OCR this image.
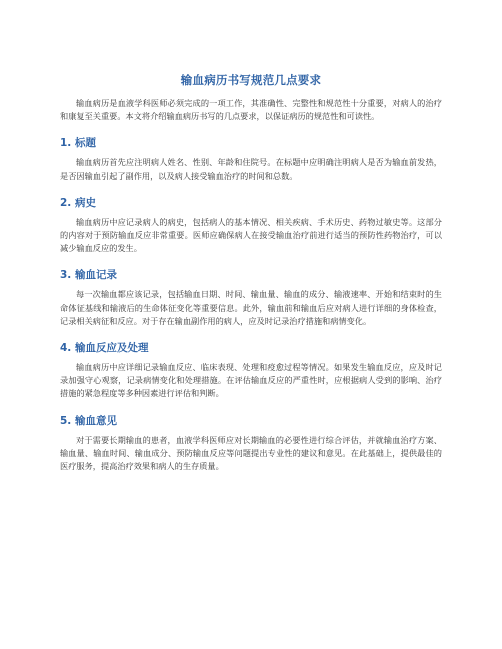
输血病历书写规范几点要求

输血病历是血液学科医师必须完成的一项工作，其准确性、完整性和规范性十分重要，对病人的治疗和康复至关重要。本文将介绍输血病历书写的几点要求，以保证病历的规范性和可读性。

1. 标题

输血病历首先应注明病人姓名、性别、年龄和住院号。在标题中应明确注明病人是否为输血前发热，是否因输血引起了副作用，以及病人接受输血治疗的时间和总数。

2. 病史

输血病历中应记录病人的病史，包括病人的基本情况、相关疾病、手术历史、药物过敏史等。这部分的内容对于预防输血反应非常重要。医师应确保病人在接受输血治疗前进行适当的预防性药物治疗，可以减少输血反应的发生。

3. 输血记录

每一次输血都应该记录，包括输血日期、时间、输血量、输血的成分、输液速率、开始和结束时的生命体征基线和输液后的生命体征变化等重要信息。此外，输血前和输血后应对病人进行详细的身体检查，记录相关病征和反应。对于存在输血副作用的病人，应及时记录治疗措施和病情变化。

4. 输血反应及处理

输血病历中应详细记录输血反应、临床表现、处理和疫愈过程等情况。如果发生输血反应，应及时记录加强守心观察，记录病情变化和处理措施。在评估输血反应的严重性时，应根据病人受到的影响、治疗措施的紧急程度等多种因素进行评估和判断。

5. 输血意见

对于需要长期输血的患者，血液学科医师应对长期输血的必要性进行综合评估，并就输血治疗方案、输血量、输血时间、输血成分、预防输血反应等问题提出专业性的建议和意见。在此基础上，提供最佳的医疗服务，提高治疗效果和病人的生存质量。
